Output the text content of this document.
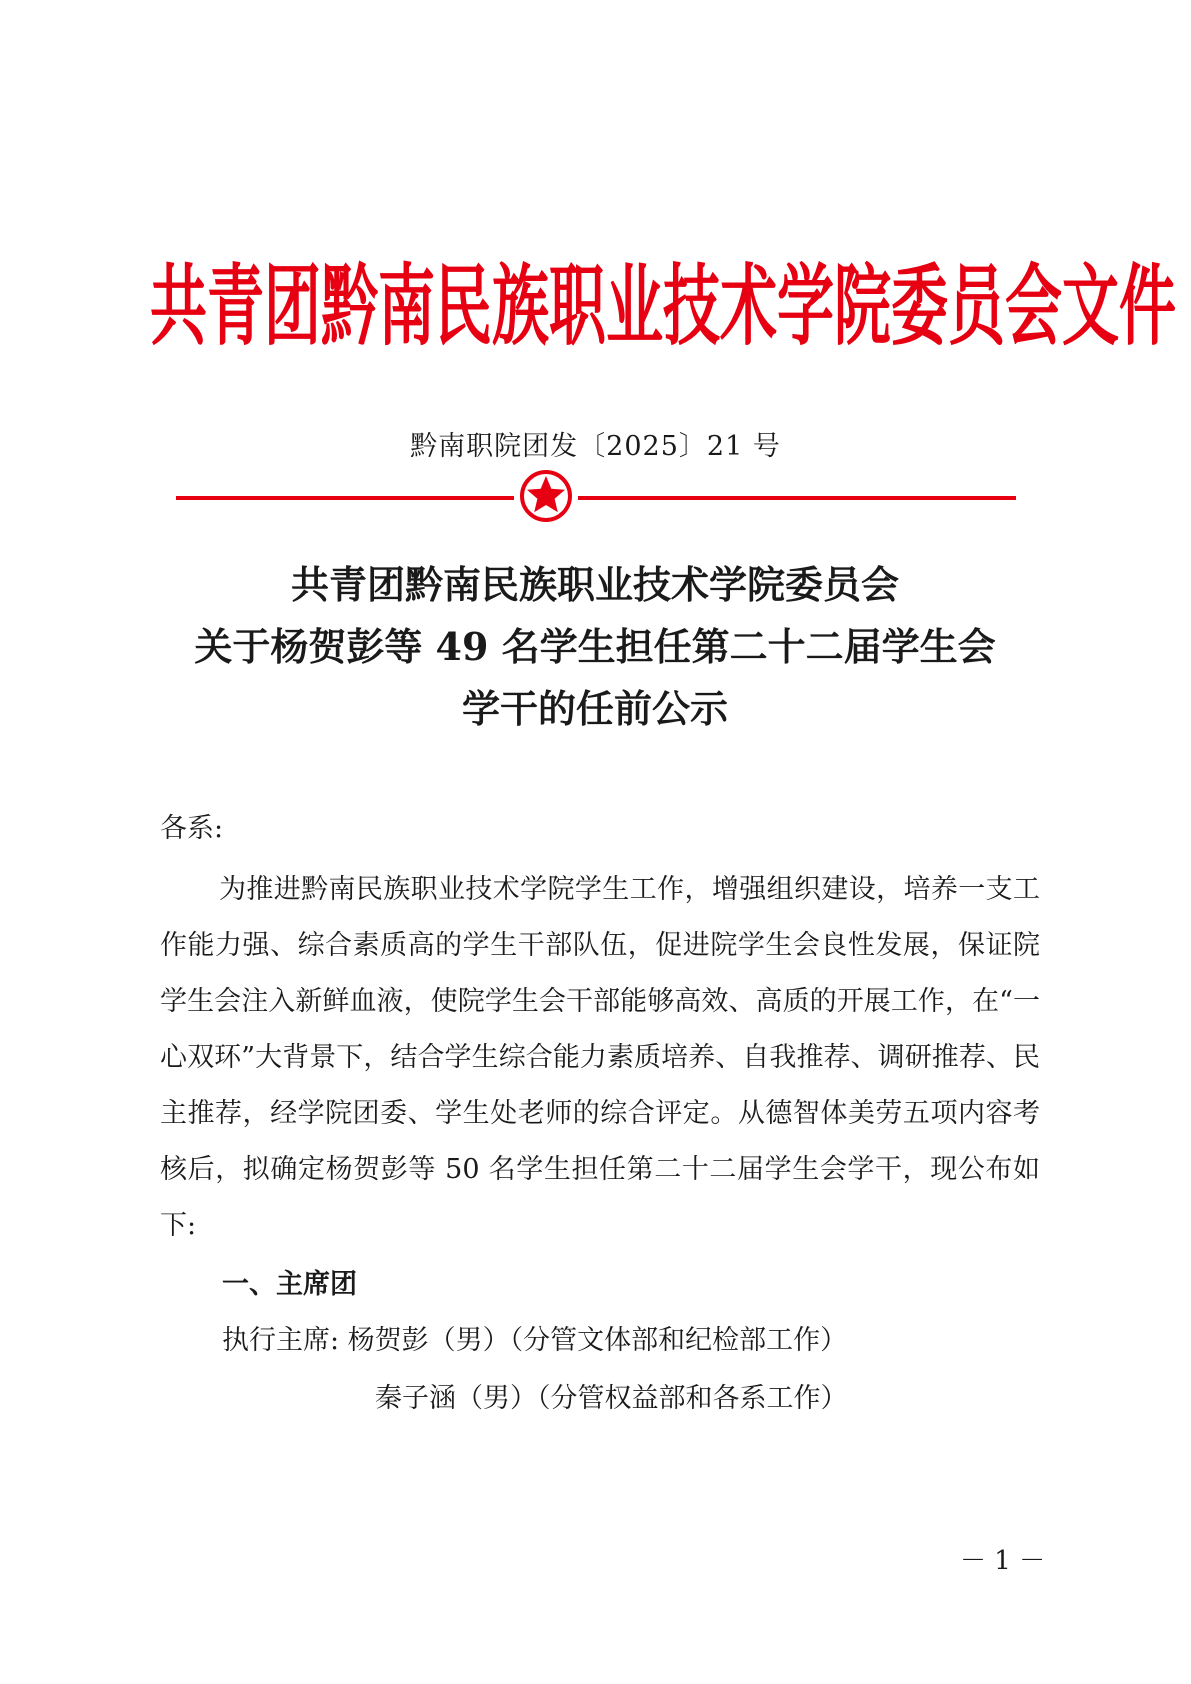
共青团黔南民族职业技术学院委员会文件
黔南职院团发〔2025〕21 号
共青团黔南民族职业技术学院委员会
关于杨贺彭等 49 名学生担任第二十二届学生会
学干的任前公示
各系:
为推进黔南民族职业技术学院学生工作，增强组织建设，培养一支工作能力强、综合素质高的学生干部队伍，促进院学生会良性发展，保证院学生会注入新鲜血液，使院学生会干部能够高效、高质的开展工作，在“一心双环”大背景下，结合学生综合能力素质培养、自我推荐、调研推荐、民主推荐，经学院团委、学生处老师的综合评定。从德智体美劳五项内容考核后，拟确定杨贺彭等 50 名学生担任第二十二届学生会学干，现公布如下:
一、主席团
执行主席: 杨贺彭（男）（分管文体部和纪检部工作）
秦子涵（男）（分管权益部和各系工作）
－ 1 －
